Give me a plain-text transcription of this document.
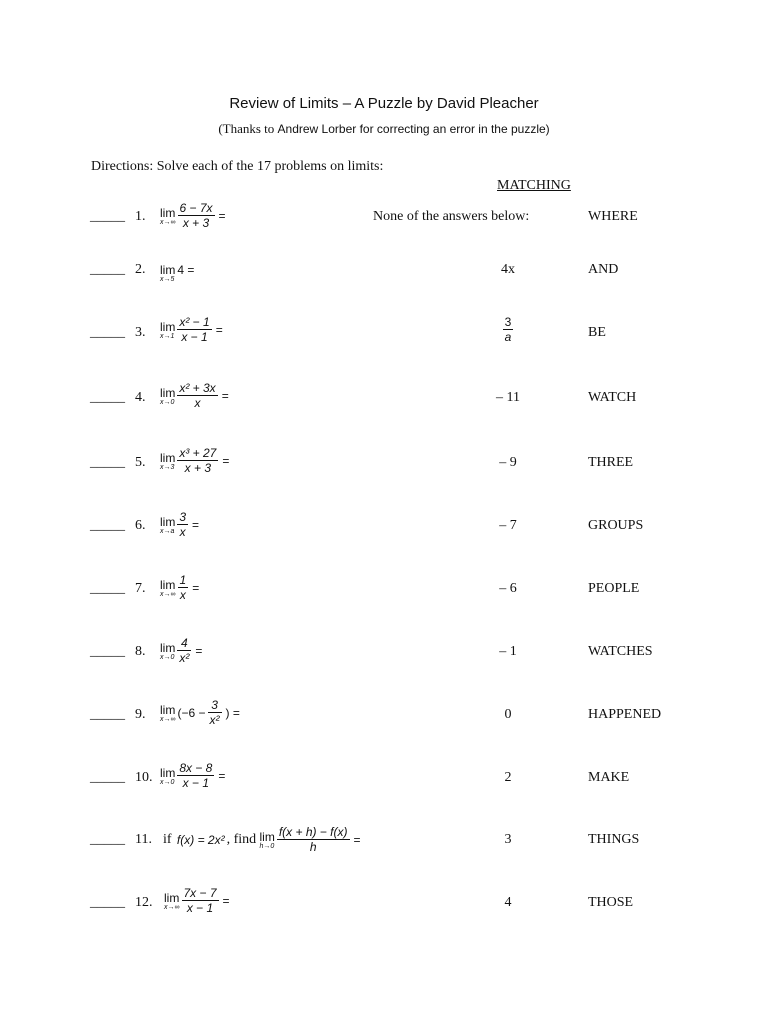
Review of Limits – A Puzzle by David Pleacher
(Thanks to Andrew Lorber for correcting an error in the puzzle)
Directions: Solve each of the 17 problems on limits:
MATCHING
_____ 1. lim
$x\to\infty \frac{6 - 7x}{x + 3}$ =	None of the answers below:	WHERE
_____ 2. lim
x→5
4 =	4x	AND
_____ 3. lim
$x\to 1 \frac{\text{x² − 1}}{x - 1}$ =	$\frac{3}{a}$	BE
_____ 4. lim
$x\to 0 \frac{\text{x² + 3x}}{x}$ =	– 11	WATCH
_____ 5. lim
$x\to 3 \frac{\text{x³ + 27}}{x + 3}$ =	– 9	THREE
_____ 6. lim
$x\to a \frac{3}{x}$ =	– 7	GROUPS
_____ 7. lim
$x\to\infty \frac{1}{x}$ =	– 6	PEOPLE
_____ 8. lim
$x\to 0 \frac{4}{\text{x²}}$ =	– 1	WATCHES
_____ 9. lim
x→∞ ($-6 - \frac{3}{\text{x²}}$ ) =	0	HAPPENED
_____ 10. lim
$x\to 0 \frac{8x - 8}{x - 1}$ =	2	MAKE
_____ 11. if f(x) = 2x² , find lim
$h\to 0 \frac{f(x + h) - f(x)}{h}$ =	3	THINGS
_____ 12. lim
$x\to\infty \frac{7x - 7}{x - 1}$ =	4	THOSE
